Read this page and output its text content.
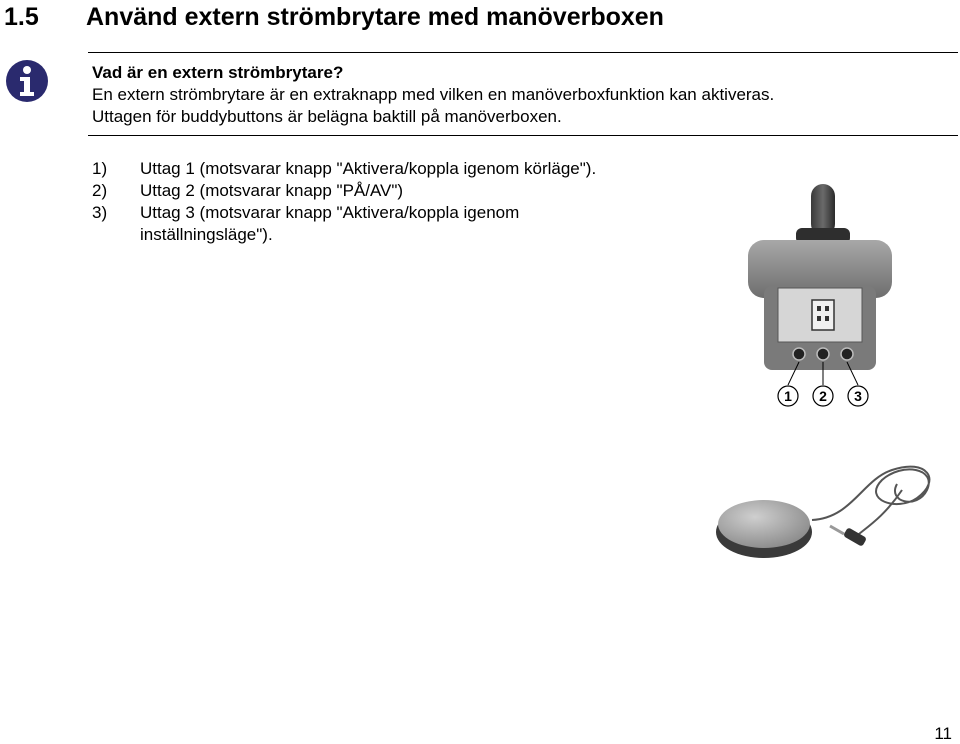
1.5 Använd extern strömbrytare med manöverboxen
Vad är en extern strömbrytare?
En extern strömbrytare är en extraknapp med vilken en manöverboxfunktion kan aktiveras.
Uttagen för buddybuttons är belägna baktill på manöverboxen.
1) Uttag 1 (motsvarar knapp "Aktivera/koppla igenom körläge").
2) Uttag 2 (motsvarar knapp "PÅ/AV")
3) Uttag 3 (motsvarar knapp "Aktivera/koppla igenom
inställningsläge").
1 2 3
11
